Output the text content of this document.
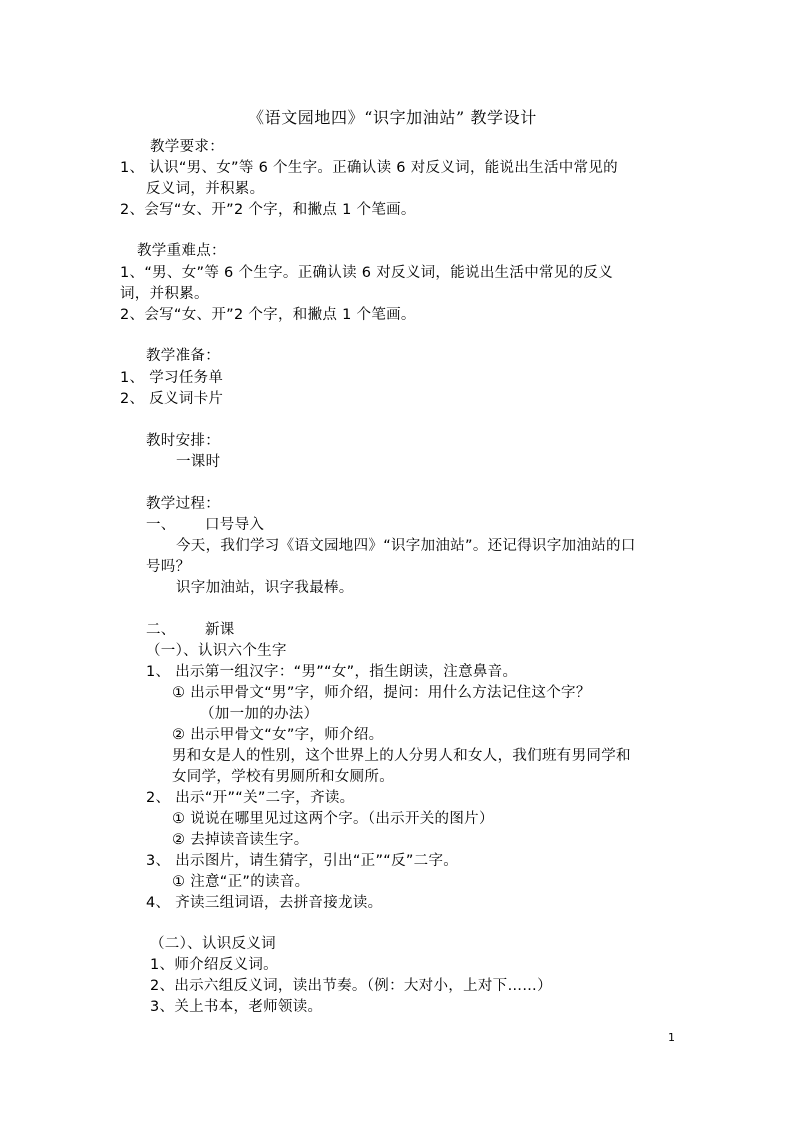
《语文园地四》“识字加油站” 教学设计
教学要求：
1、 认识“男、女”等 6 个生字。正确认读 6 对反义词，能说出生活中常见的
反义词，并积累。
2、会写“女、开”2 个字，和撇点 1 个笔画。
教学重难点：
1、“男、女”等 6 个生字。正确认读 6 对反义词，能说出生活中常见的反义
词，并积累。
2、会写“女、开”2 个字，和撇点 1 个笔画。
教学准备：
1、 学习任务单
2、 反义词卡片
教时安排：
一课时
教学过程：
一、 口号导入
今天，我们学习《语文园地四》“识字加油站”。还记得识字加油站的口
号吗？
识字加油站，识字我最棒。
二、 新课
（一）、认识六个生字
1、 出示第一组汉字：“男”“女”，指生朗读，注意鼻音。
① 出示甲骨文“男”字，师介绍，提问：用什么方法记住这个字？
（加一加的办法）
② 出示甲骨文“女”字，师介绍。
男和女是人的性别，这个世界上的人分男人和女人，我们班有男同学和
女同学，学校有男厕所和女厕所。
2、 出示“开”“关”二字，齐读。
① 说说在哪里见过这两个字。（出示开关的图片）
② 去掉读音读生字。
3、 出示图片，请生猜字，引出“正”“反”二字。
① 注意“正”的读音。
4、 齐读三组词语，去拼音接龙读。
（二）、认识反义词
1、师介绍反义词。
2、出示六组反义词，读出节奏。（例：大对小，上对下……）
3、关上书本，老师领读。
1
